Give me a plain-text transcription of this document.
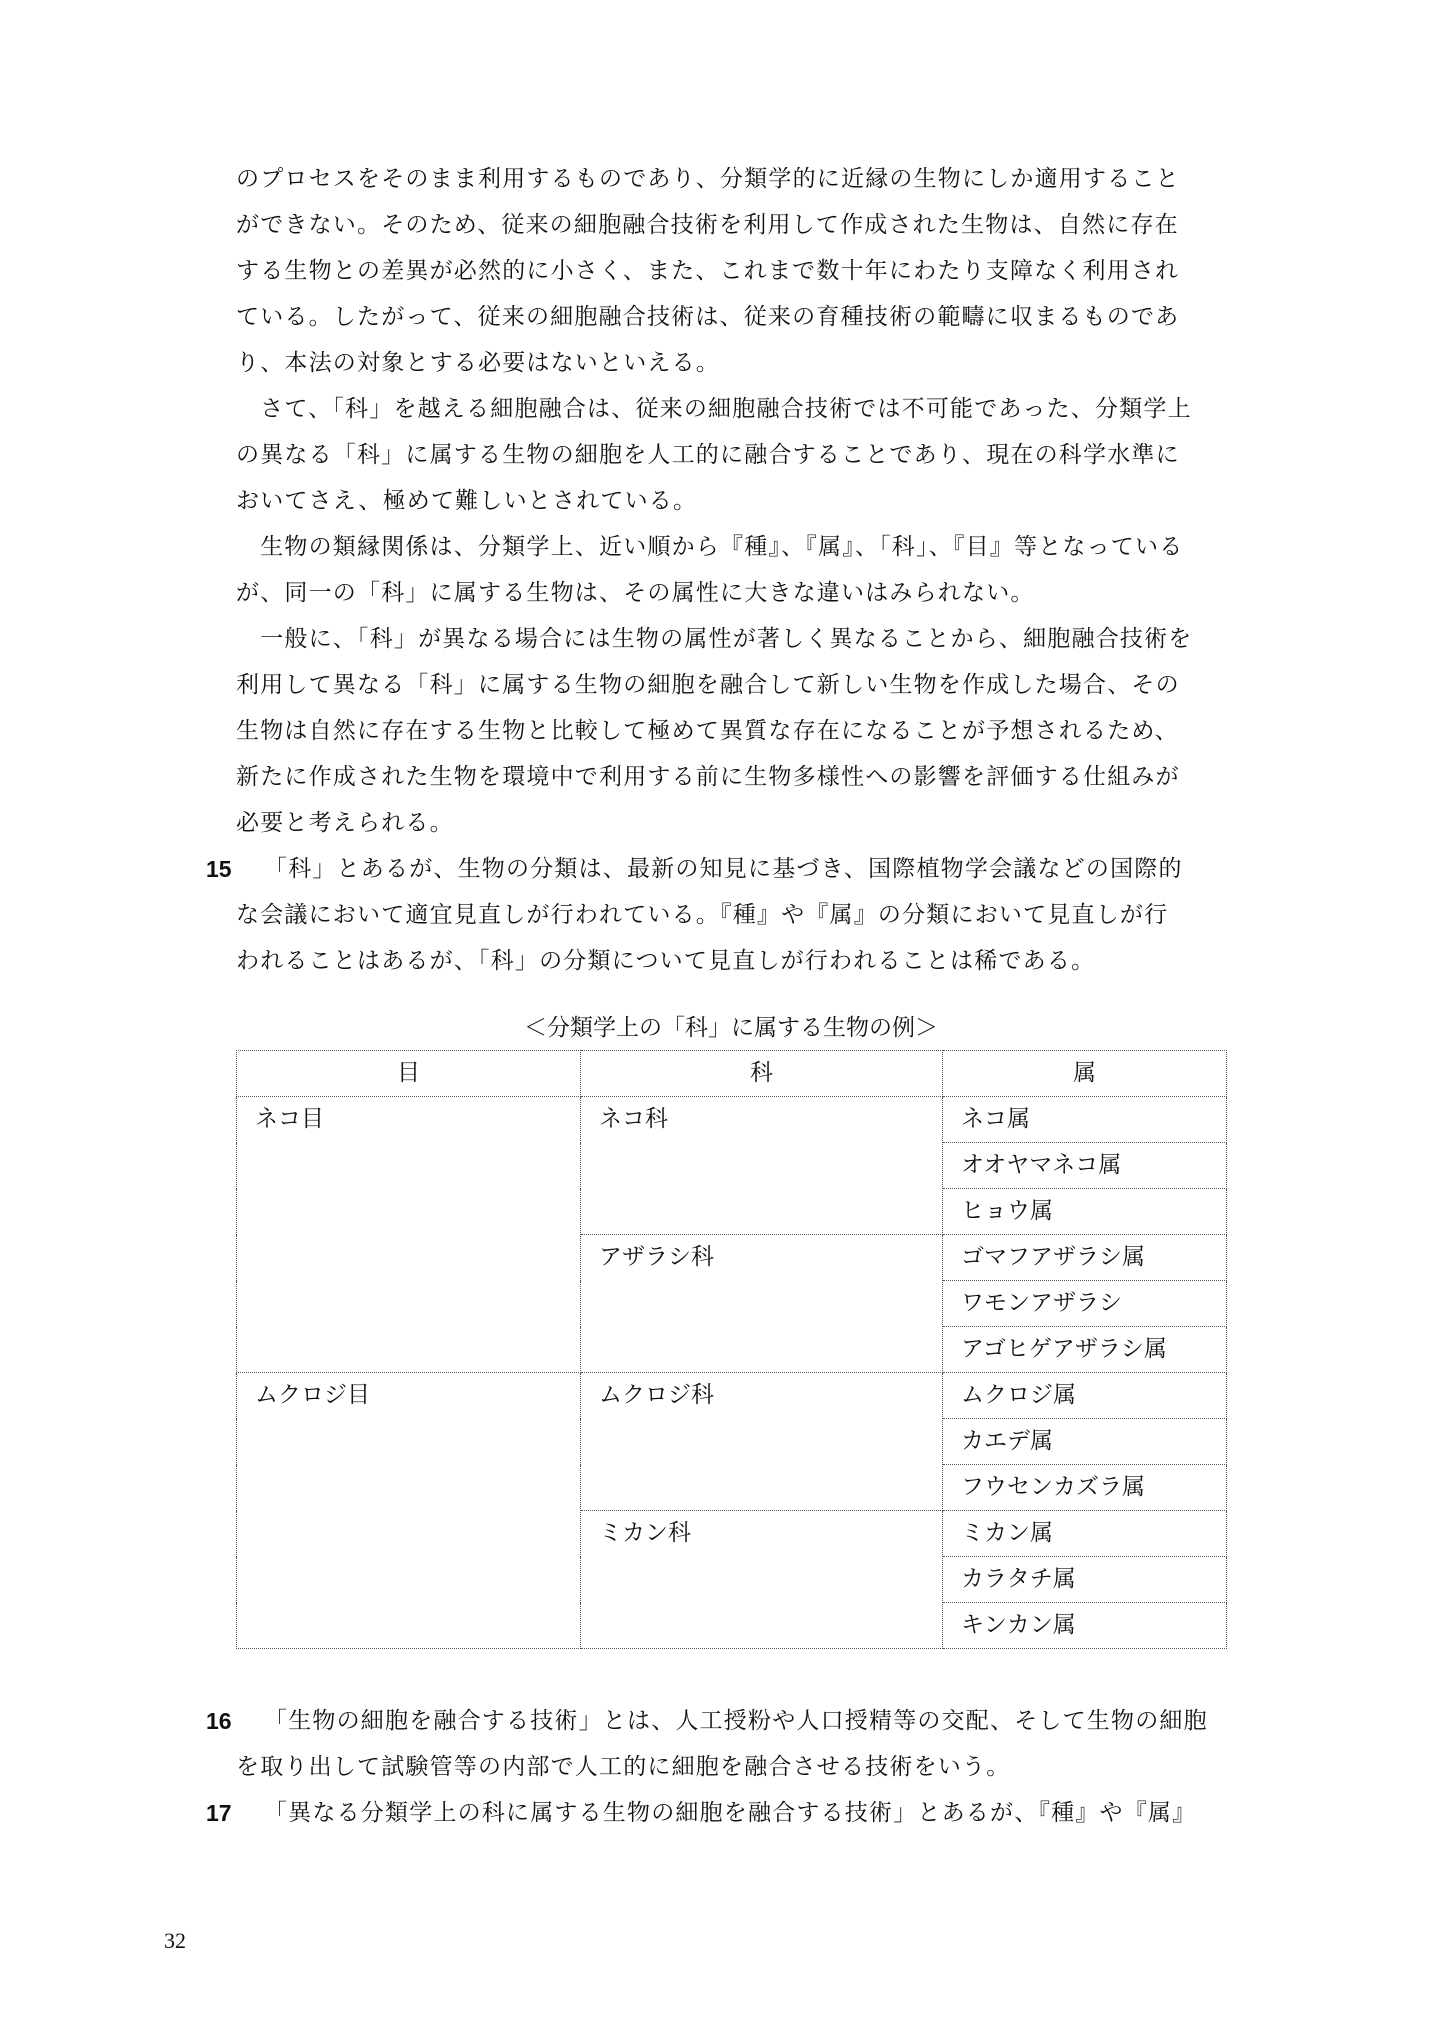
のプロセスをそのまま利用するものであり、分類学的に近縁の生物にしか適用すること
ができない。そのため、従来の細胞融合技術を利用して作成された生物は、自然に存在
する生物との差異が必然的に小さく、また、これまで数十年にわたり支障なく利用され
ている。したがって、従来の細胞融合技術は、従来の育種技術の範疇に収まるものであ
り、本法の対象とする必要はないといえる。
　さて、「科」を越える細胞融合は、従来の細胞融合技術では不可能であった、分類学上
の異なる「科」に属する生物の細胞を人工的に融合することであり、現在の科学水準に
おいてさえ、極めて難しいとされている。
　生物の類縁関係は、分類学上、近い順から『種』、『属』、「科」、『目』等となっている
が、同一の「科」に属する生物は、その属性に大きな違いはみられない。
　一般に、「科」が異なる場合には生物の属性が著しく異なることから、細胞融合技術を
利用して異なる「科」に属する生物の細胞を融合して新しい生物を作成した場合、その
生物は自然に存在する生物と比較して極めて異質な存在になることが予想されるため、
新たに作成された生物を環境中で利用する前に生物多様性への影響を評価する仕組みが
必要と考えられる。
15 「科」とあるが、生物の分類は、最新の知見に基づき、国際植物学会議などの国際的
な会議において適宜見直しが行われている。『種』や『属』の分類において見直しが行
われることはあるが、「科」の分類について見直しが行われることは稀である。
＜分類学上の「科」に属する生物の例＞
目	科	属
ネコ目	ネコ科	ネコ属
		オオヤマネコ属
		ヒョウ属
	アザラシ科	ゴマフアザラシ属
		ワモンアザラシ
		アゴヒゲアザラシ属
ムクロジ目	ムクロジ科	ムクロジ属
		カエデ属
		フウセンカズラ属
	ミカン科	ミカン属
		カラタチ属
		キンカン属
16 「生物の細胞を融合する技術」とは、人工授粉や人口授精等の交配、そして生物の細胞
を取り出して試験管等の内部で人工的に細胞を融合させる技術をいう。
17 「異なる分類学上の科に属する生物の細胞を融合する技術」とあるが、『種』や『属』
32
